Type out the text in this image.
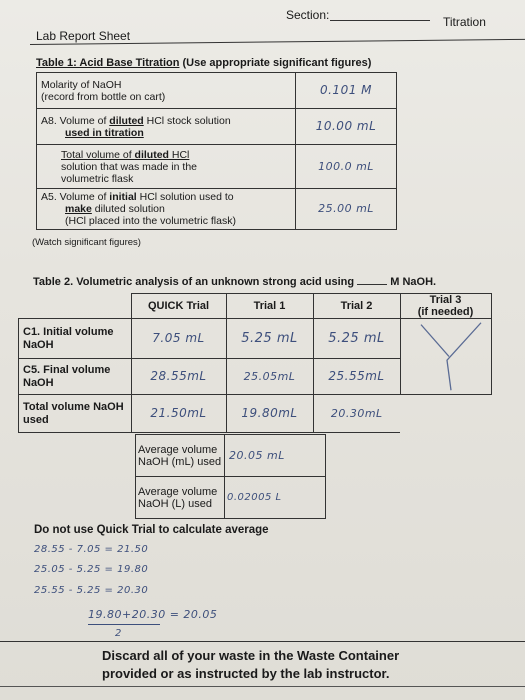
Section:	Titration
Lab Report Sheet
Table 1: Acid Base Titration (Use appropriate significant figures)
Molarity of NaOH
(record from bottle on cart)	0.101 M

A8. Volume of diluted HCl stock solution
used in titration	10.00 mL

Total volume of diluted HCl
solution that was made in the
volumetric flask	100.0 mL

A5. Volume of initial HCl solution used to
make diluted solution
(HCl placed into the volumetric flask)	25.00 mL
(Watch significant figures)
Table 2. Volumetric analysis of an unknown strong acid using	M NaOH.
	QUICK Trial	Trial 1	Trial 2	Trial 3
(if needed)
C1. Initial volume NaOH	7.05 mL	5.25 mL	5.25 mL	

C5. Final volume NaOH	28.55mL	25.05mL	25.55mL	
Total volume NaOH used	21.50mL	19.80mL	20.30mL	
Average volume NaOH (mL) used	20.05 mL
Average volume NaOH (L) used	0.02005 L
Do not use Quick Trial to calculate average
28.55 - 7.05 = 21.50
25.05 - 5.25 = 19.80
25.55 - 5.25 = 20.30
19.80+20.30 = 20.05
2
Discard all of your waste in the Waste Container
provided or as instructed by the lab instructor.
